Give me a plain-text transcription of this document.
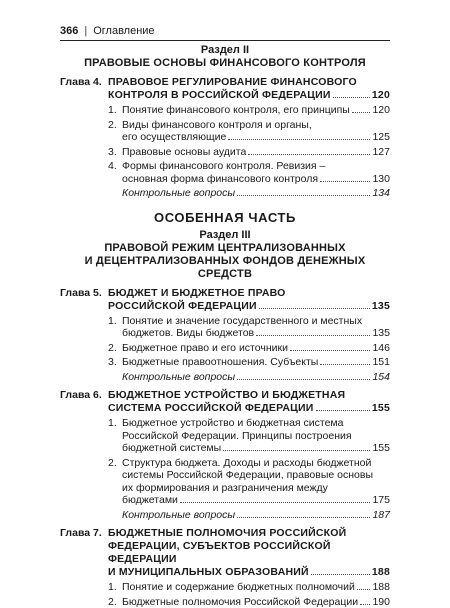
366 | Оглавление
Раздел II
ПРАВОВЫЕ ОСНОВЫ ФИНАНСОВОГО КОНТРОЛЯ
Глава 4. ПРАВОВОЕ РЕГУЛИРОВАНИЕ ФИНАНСОВОГО
КОНТРОЛЯ В РОССИЙСКОЙ ФЕДЕРАЦИИ	120
1. Понятие финансового контроля, его принципы 120
2. Виды финансового контроля и органы,
его осуществляющие	125
3. Правовые основы аудита	127
4. Формы финансового контроля. Ревизия –
основная форма финансового контроля	130
Контрольные вопросы	134
ОСОБЕННАЯ ЧАСТЬ
Раздел III
ПРАВОВОЙ РЕЖИМ ЦЕНТРАЛИЗОВАННЫХ
И ДЕЦЕНТРАЛИЗОВАННЫХ ФОНДОВ ДЕНЕЖНЫХ СРЕДСТВ
Глава 5. БЮДЖЕТ И БЮДЖЕТНОЕ ПРАВО
РОССИЙСКОЙ ФЕДЕРАЦИИ	135
1. Понятие и значение государственного и местных
бюджетов. Виды бюджетов	135
2. Бюджетное право и его источники	146
3. Бюджетные правоотношения. Субъекты	151
Контрольные вопросы	154
Глава 6. БЮДЖЕТНОЕ УСТРОЙСТВО И БЮДЖЕТНАЯ
СИСТЕМА РОССИЙСКОЙ ФЕДЕРАЦИИ	155
1. Бюджетное устройство и бюджетная система
Российской Федерации. Принципы построения
бюджетной системы	155
2. Структура бюджета. Доходы и расходы бюджетной
системы Российской Федерации, правовые основы
их формирования и разграничения между
бюджетами	175
Контрольные вопросы	187
Глава 7. БЮДЖЕТНЫЕ ПОЛНОМОЧИЯ РОССИЙСКОЙ
ФЕДЕРАЦИИ, СУБЪЕКТОВ РОССИЙСКОЙ ФЕДЕРАЦИИ
И МУНИЦИПАЛЬНЫХ ОБРАЗОВАНИЙ	188
1. Понятие и содержание бюджетных полномочий 188
2. Бюджетные полномочия Российской Федерации 190
